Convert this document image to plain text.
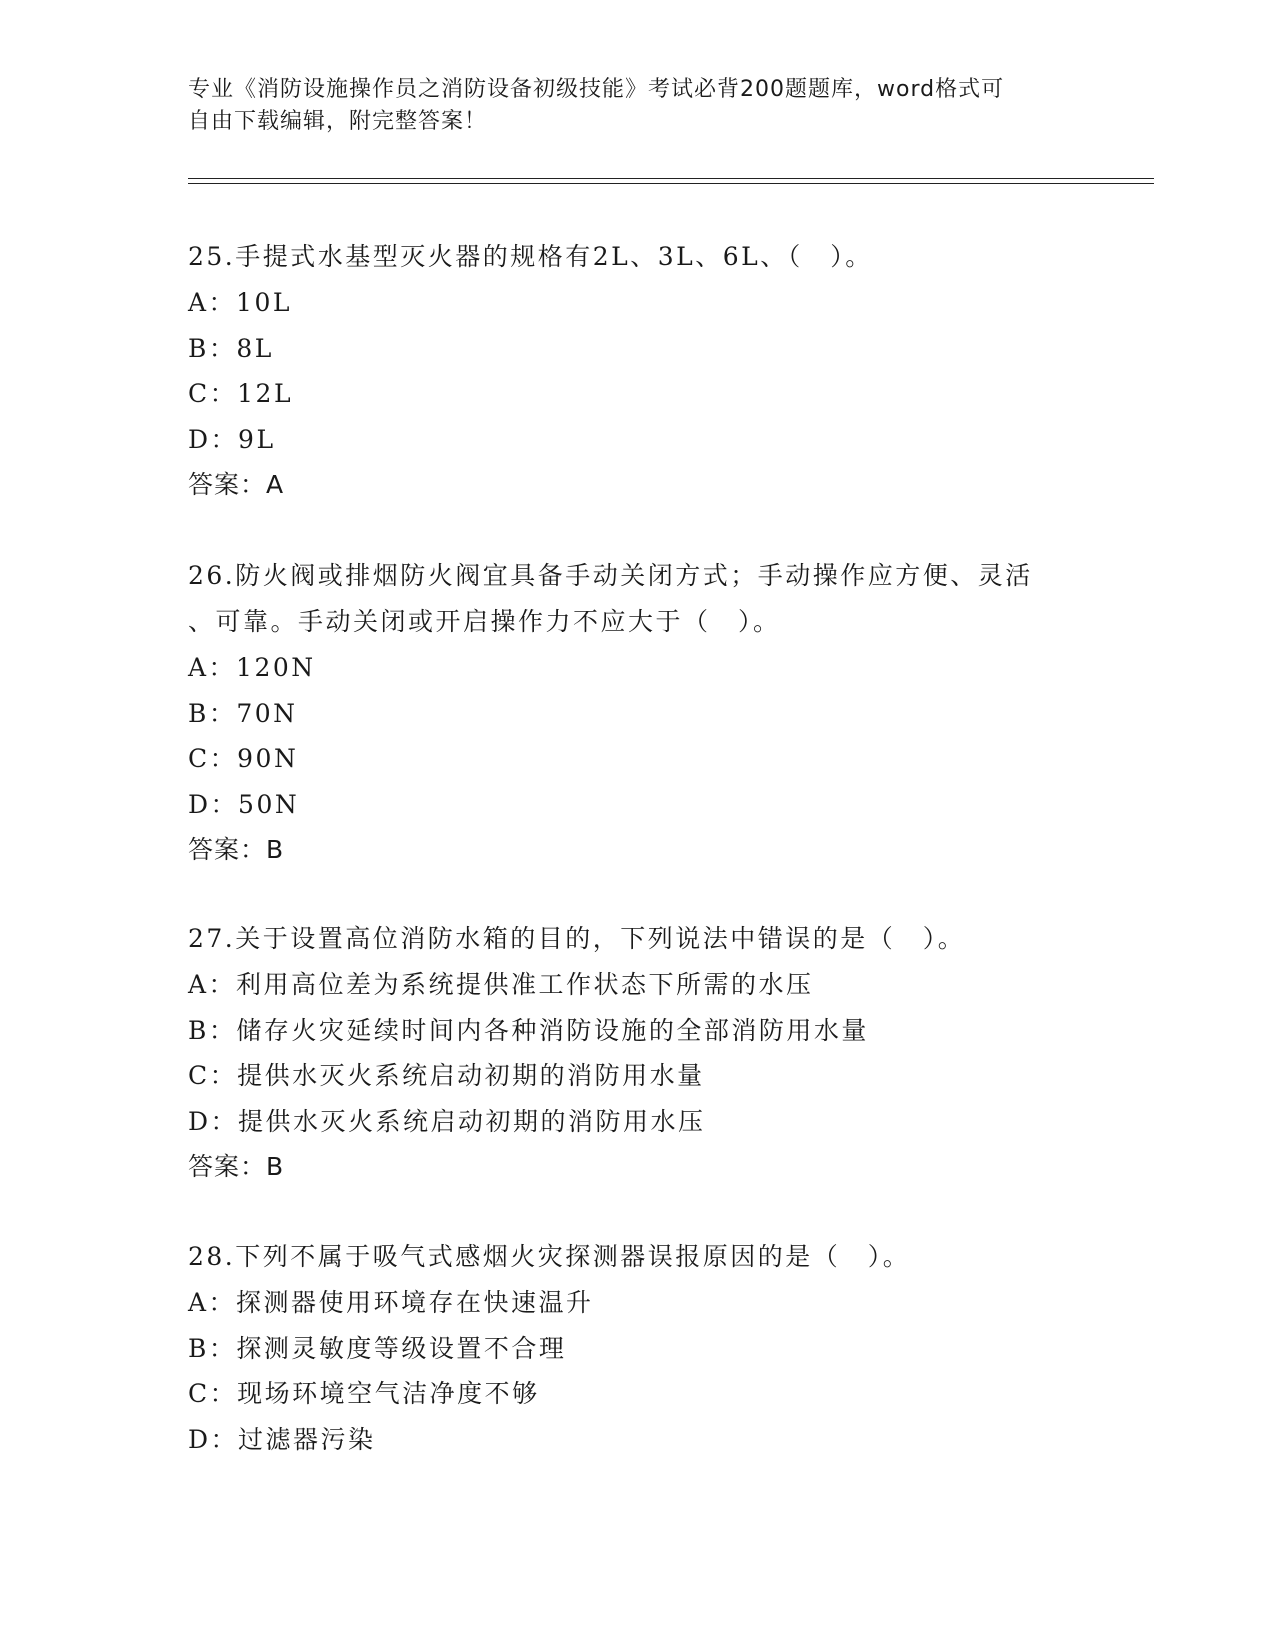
专业《消防设施操作员之消防设备初级技能》考试必背200题题库，word格式可
自由下载编辑，附完整答案！
25.手提式水基型灭火器的规格有2L、3L、6L、（　）。
A：10L
B：8L
C：12L
D：9L
答案：A
26.防火阀或排烟防火阀宜具备手动关闭方式；手动操作应方便、灵活
、可靠。手动关闭或开启操作力不应大于（　）。
A：120N
B：70N
C：90N
D：50N
答案：B
27.关于设置高位消防水箱的目的，下列说法中错误的是（　）。
A：利用高位差为系统提供准工作状态下所需的水压
B：储存火灾延续时间内各种消防设施的全部消防用水量
C：提供水灭火系统启动初期的消防用水量
D：提供水灭火系统启动初期的消防用水压
答案：B
28.下列不属于吸气式感烟火灾探测器误报原因的是（　）。
A：探测器使用环境存在快速温升
B：探测灵敏度等级设置不合理
C：现场环境空气洁净度不够
D：过滤器污染
